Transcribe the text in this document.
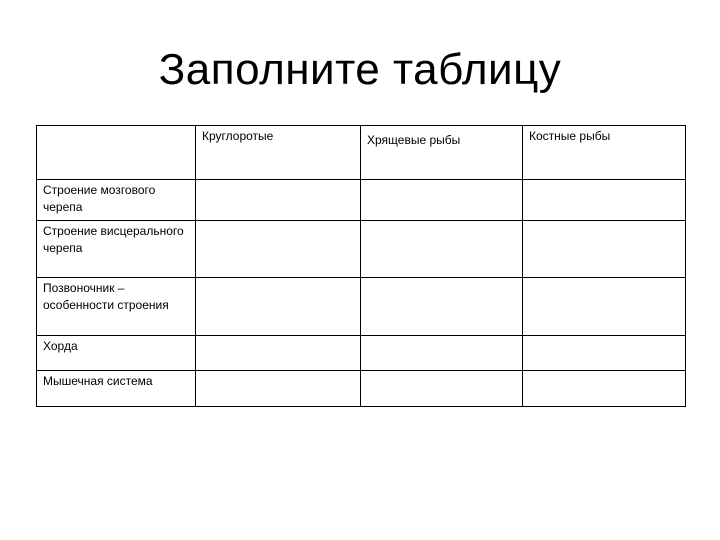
Заполните таблицу
	Круглоротые	Хрящевые рыбы	Костные рыбы
Строение мозгового черепа			
Строение висцерального черепа			
Позвоночник – особенности строения			
Хорда			
Мышечная система			
